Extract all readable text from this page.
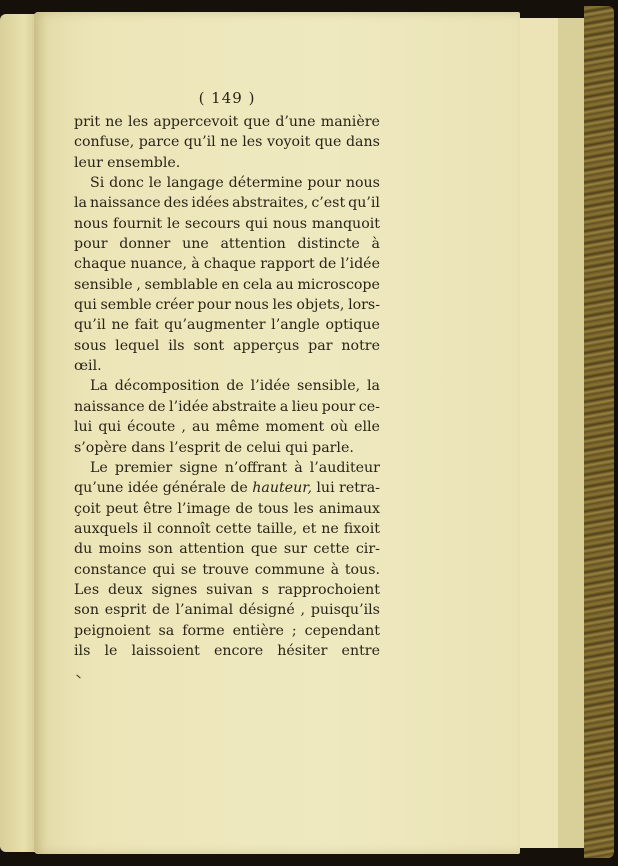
( 149 )
prit ne les appercevoit que d’une manière
confuse, parce qu’il ne les voyoit que dans
leur ensemble.
Si donc le langage détermine pour nous
la naissance des idées abstraites, c’est qu’il
nous fournit le secours qui nous manquoit
pour donner une attention distincte à
chaque nuance, à chaque rapport de l’idée
sensible , semblable en cela au microscope
qui semble créer pour nous les objets, lors-
qu’il ne fait qu’augmenter l’angle optique
sous lequel ils sont apperçus par notre
œil.
La décomposition de l’idée sensible, la
naissance de l’idée abstraite a lieu pour ce-
lui qui écoute , au même moment où elle
s’opère dans l’esprit de celui qui parle.
Le premier signe n’offrant à l’auditeur
qu’une idée générale de hauteur, lui retra-
çoit peut être l’image de tous les animaux
auxquels il connoît cette taille, et ne fixoit
du moins son attention que sur cette cir-
constance qui se trouve commune à tous.
Les deux signes suivan s rapprochoient
son esprit de l’animal désigné , puisqu’ils
peignoient sa forme entière ; cependant
ils le laissoient encore hésiter entre
